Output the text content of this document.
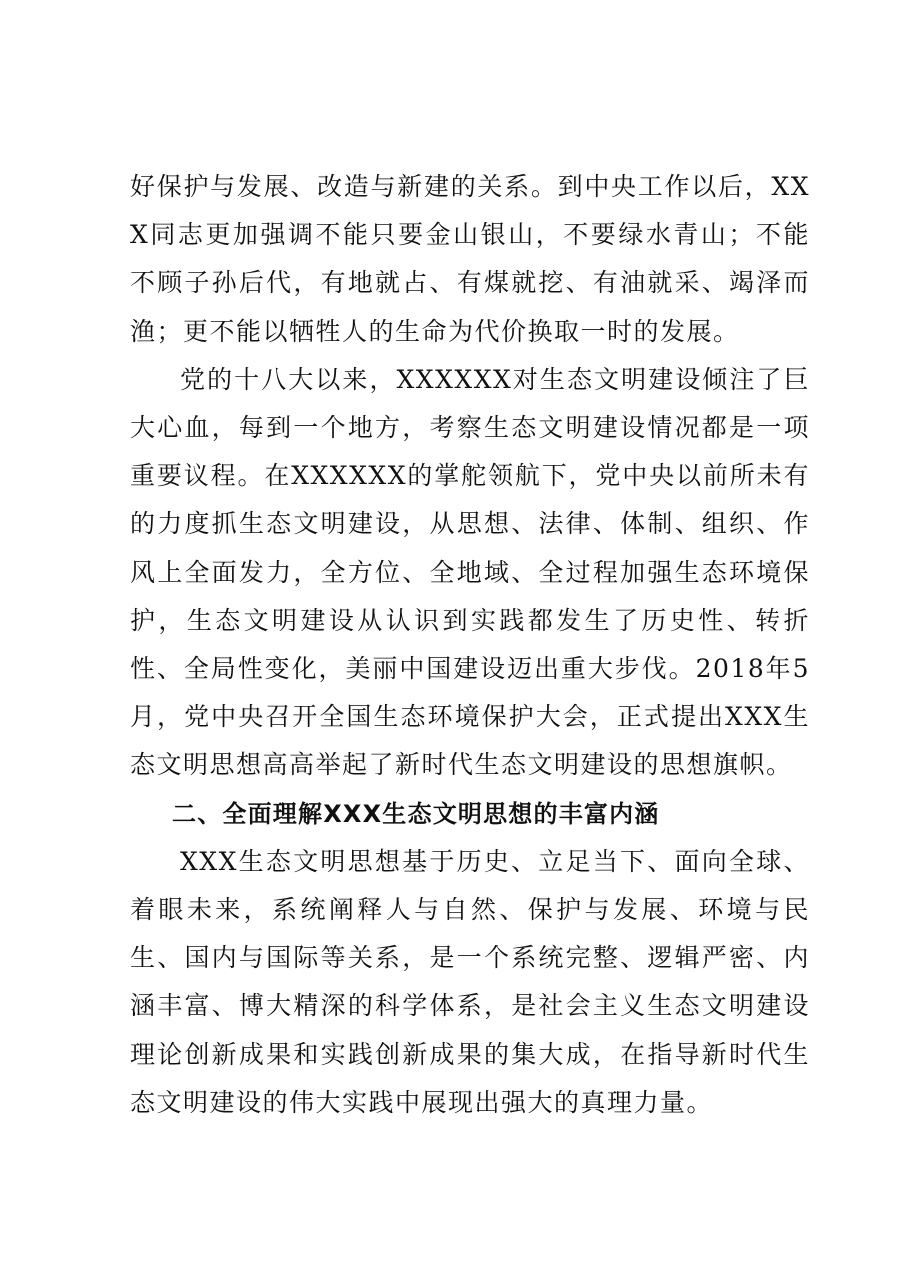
好保护与发展、改造与新建的关系。到中央工作以后，XXX同志更加强调不能只要金山银山，不要绿水青山；不能不顾子孙后代，有地就占、有煤就挖、有油就采、竭泽而渔；更不能以牺牲人的生命为代价换取一时的发展。

党的十八大以来，XXXXXX对生态文明建设倾注了巨大心血，每到一个地方，考察生态文明建设情况都是一项重要议程。在XXXXXX的掌舵领航下，党中央以前所未有的力度抓生态文明建设，从思想、法律、体制、组织、作风上全面发力，全方位、全地域、全过程加强生态环境保护，生态文明建设从认识到实践都发生了历史性、转折性、全局性变化，美丽中国建设迈出重大步伐。2018年5月，党中央召开全国生态环境保护大会，正式提出XXX生态文明思想高高举起了新时代生态文明建设的思想旗帜。

二、全面理解XXX生态文明思想的丰富内涵

XXX生态文明思想基于历史、立足当下、面向全球、着眼未来，系统阐释人与自然、保护与发展、环境与民生、国内与国际等关系，是一个系统完整、逻辑严密、内涵丰富、博大精深的科学体系，是社会主义生态文明建设理论创新成果和实践创新成果的集大成，在指导新时代生态文明建设的伟大实践中展现出强大的真理力量。
